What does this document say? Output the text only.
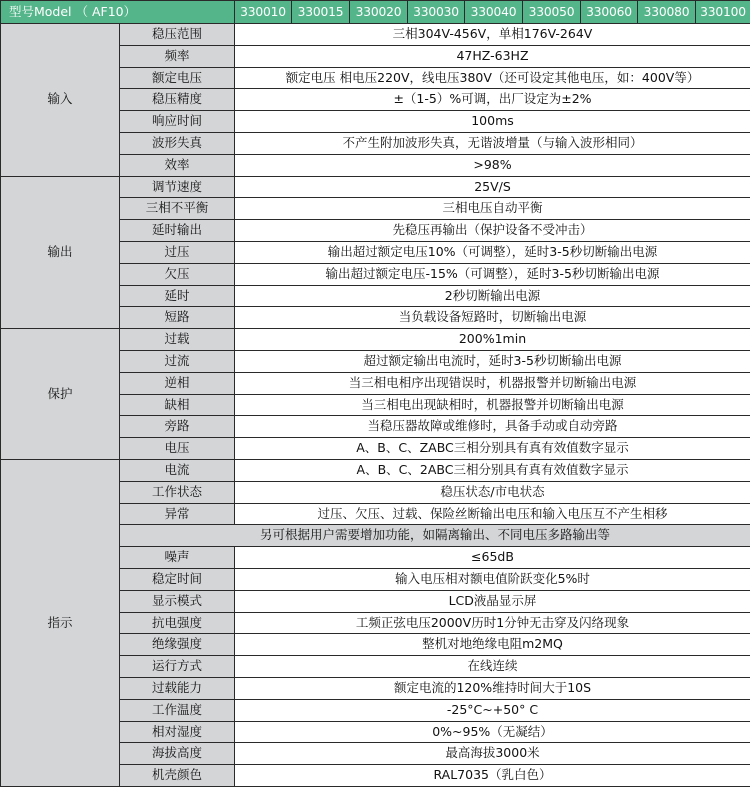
型号Model （ AF10）		330010	330015	330020	330030	330040	330050	330060	330080	330100
输入	稳压范围	三相304V-456V，单相176V-264V								
	频率	47HZ-63HZ								
	额定电压	额定电压 相电压220V，线电压380V（还可设定其他电压，如：400V等）								
	稳压精度	±（1-5）%可调，出厂设定为±2%								
	响应时间	100ms								
	波形失真	不产生附加波形失真，无谐波增量（与输入波形相同）								
	效率	>98%								
输出	调节速度	25V/S								
	三相不平衡	三相电压自动平衡								
	延时输出	先稳压再输出（保护设备不受冲击）								
	过压	输出超过额定电压10%（可调整），延时3-5秒切断输出电源								
	欠压	输出超过额定电压-15%（可调整），延时3-5秒切断输出电源								
	延时	2秒切断输出电源								
	短路	当负载设备短路时，切断输出电源								
保护	过载	200%1min								
	过流	超过额定输出电流时，延时3-5秒切断输出电源								
	逆相	当三相电相序出现错误时，机器报警并切断输出电源								
	缺相	当三相电出现缺相时，机器报警并切断输出电源								
	旁路	当稳压器故障或维修时，具备手动或自动旁路								
	电压	A、B、C、ZABC三相分别具有真有效值数字显示								
指示	电流	A、B、C、2ABC三相分别具有真有效值数字显示								
	工作状态	稳压状态/市电状态								
	异常	过压、欠压、过载、保险丝断输出电压和输入电压互不产生相移								
	另可根据用户需要增加功能，如隔离输出、不同电压多路输出等									
	噪声	≤65dB								
	稳定时间	输入电压相对额电值阶跃变化5%时								
	显示模式	LCD液晶显示屏								
	抗电强度	工频正弦电压2000V历时1分钟无击穿及闪络现象								
	绝缘强度	整机对地绝缘电阻m2MQ								
	运行方式	在线连续								
	过载能力	额定电流的120%维持时间大于10S								
	工作温度	-25°C~+50° C								
	相对湿度	0%~95%（无凝结）								
	海拔高度	最高海拔3000米								
	机壳颜色	RAL7035（乳白色）								
